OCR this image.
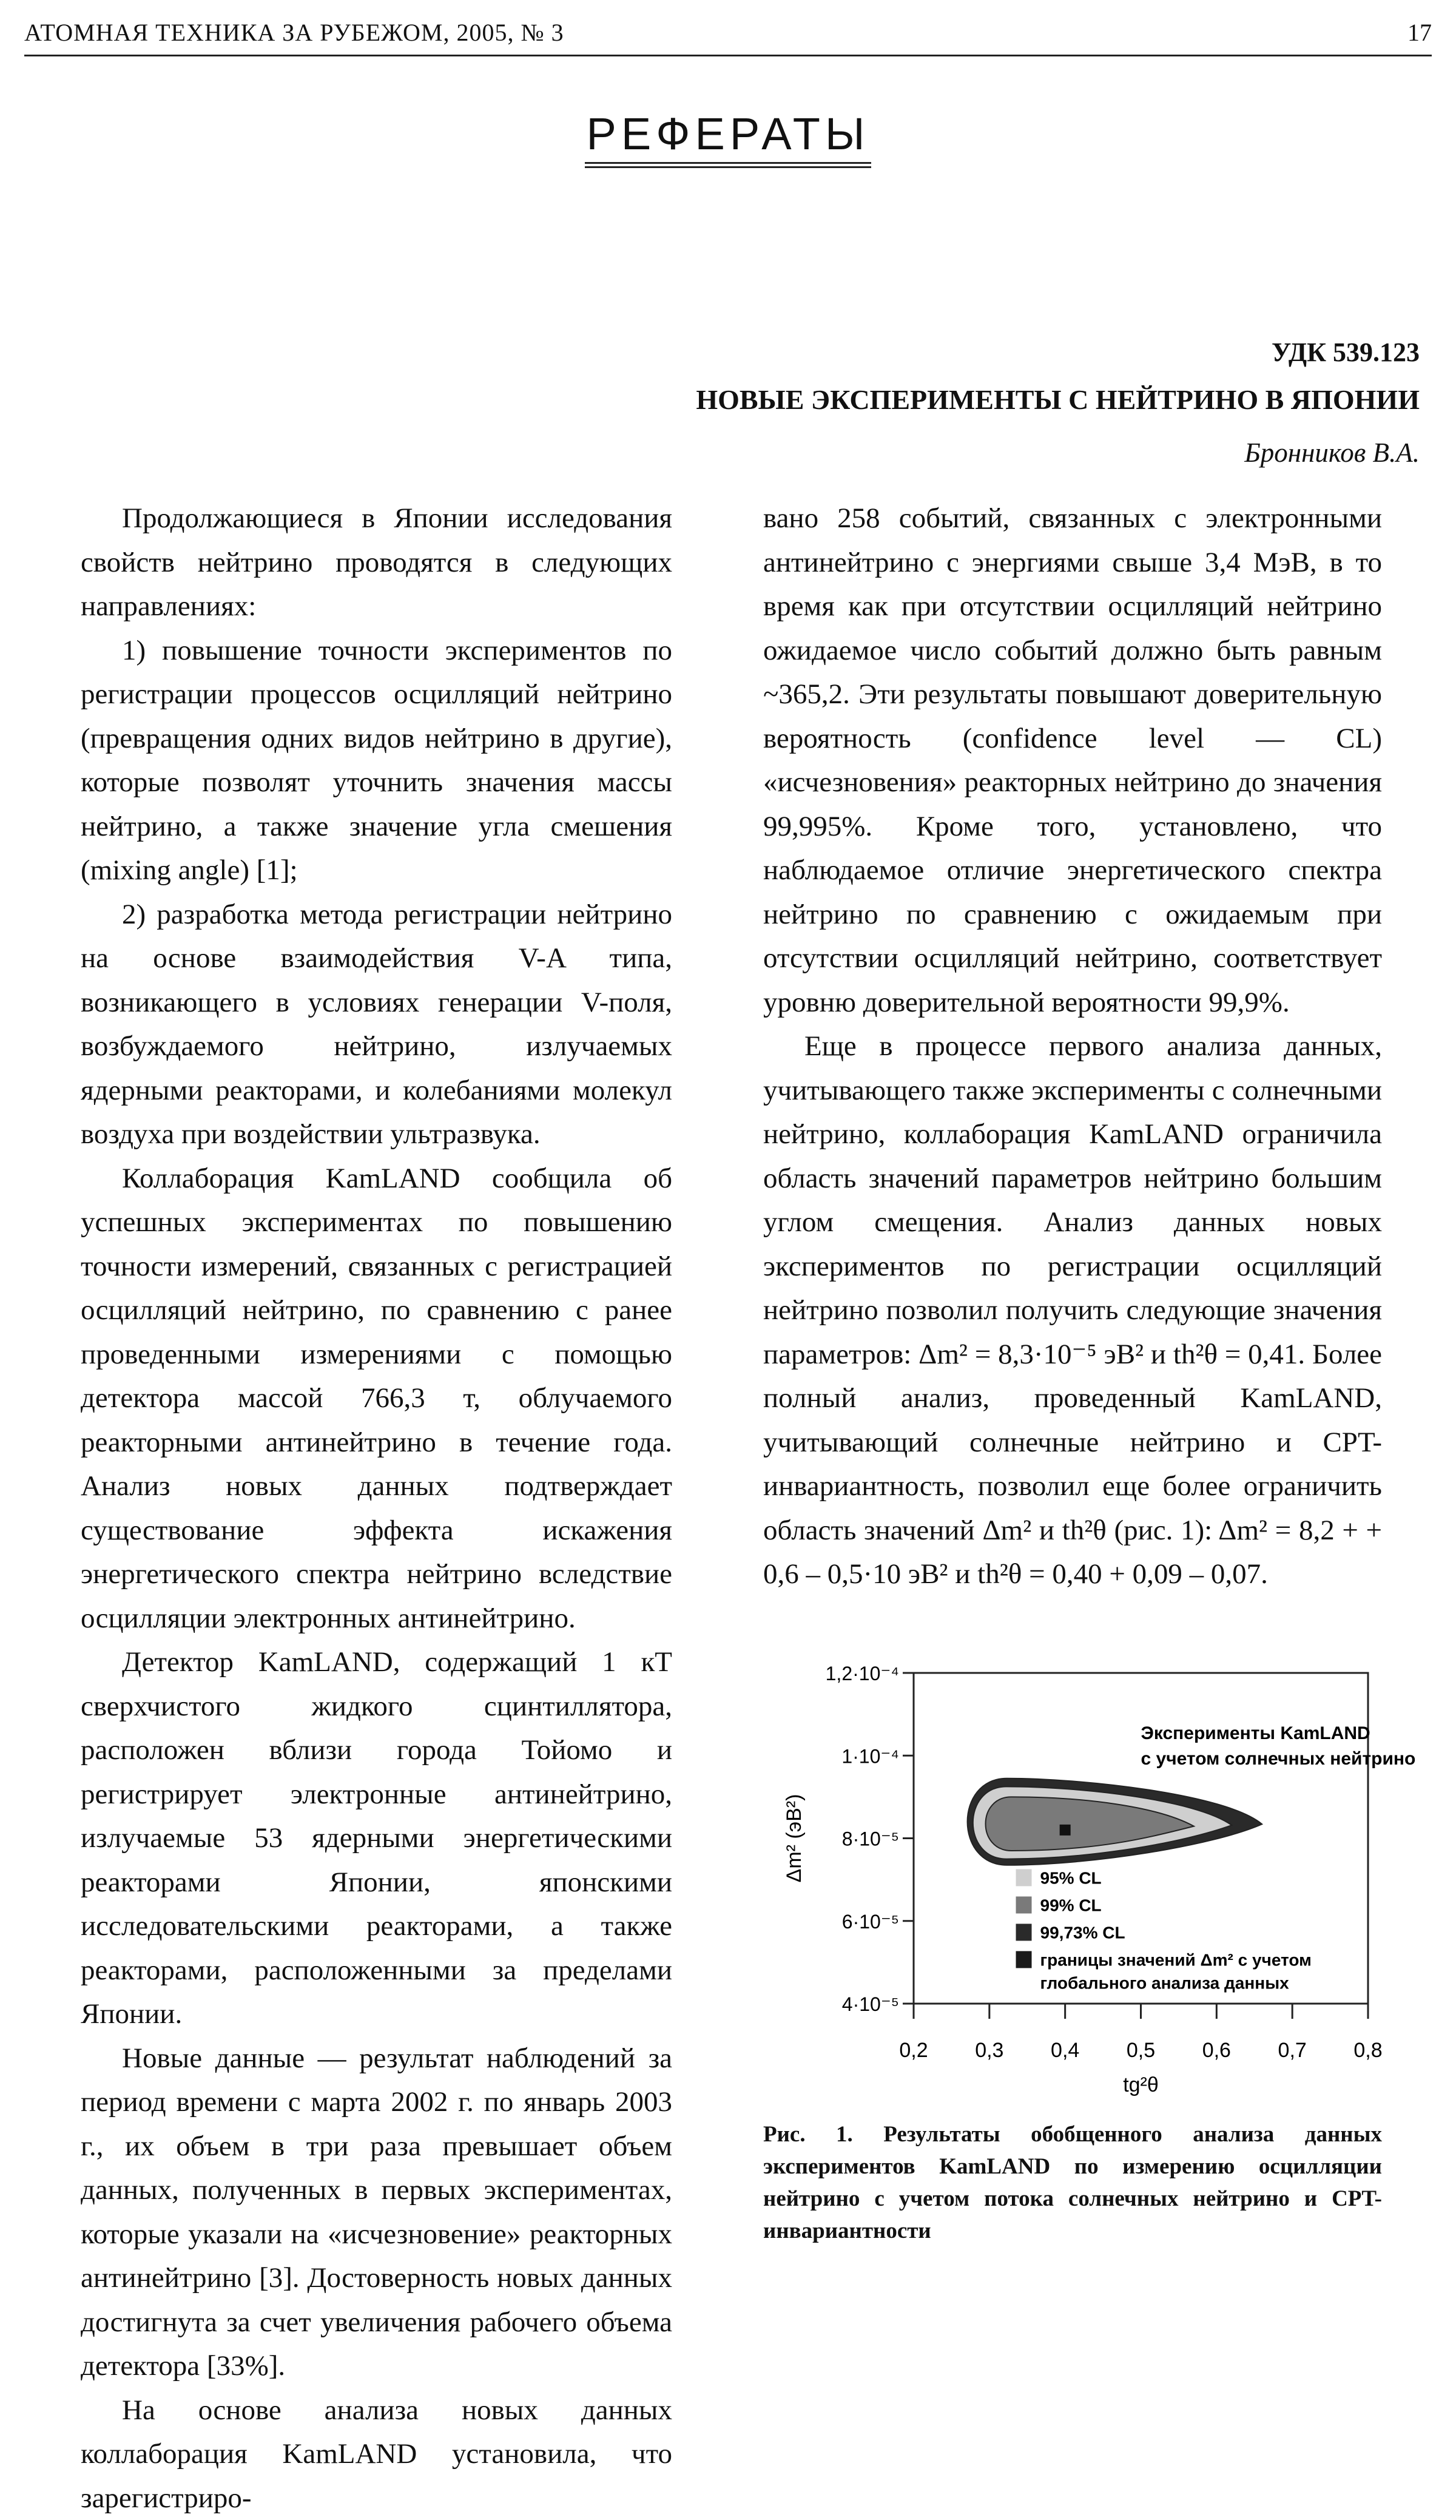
АТОМНАЯ ТЕХНИКА ЗА РУБЕЖОМ, 2005, № 3	17
РЕФЕРАТЫ
УДК 539.123
НОВЫЕ ЭКСПЕРИМЕНТЫ С НЕЙТРИНО В ЯПОНИИ
Бронников В.А.

Продолжающиеся в Японии исследования свойств нейтрино проводятся в следующих направлениях:

1) повышение точности экспериментов по регистрации процессов осцилляций нейтрино (превращения одних видов нейтрино в другие), которые позволят уточнить значения массы нейтрино, а также значение угла смешения (mixing angle) [1];

2) разработка метода регистрации нейтрино на основе взаимодействия V-A типа, возникающего в условиях генерации V-поля, возбуждаемого нейтрино, излучаемых ядерными реакторами, и колебаниями молекул воздуха при воздействии ультразвука.

Коллаборация KamLAND сообщила об успешных экспериментах по повышению точности измерений, связанных с регистрацией осцилляций нейтрино, по сравнению с ранее проведенными измерениями с помощью детектора массой 766,3 т, облучаемого реакторными антинейтрино в течение года. Анализ новых данных подтверждает существование эффекта искажения энергетического спектра нейтрино вследствие осцилляции электронных антинейтрино.

Детектор KamLAND, содержащий 1 кТ сверхчистого жидкого сцинтиллятора, расположен вблизи города Тойомо и регистрирует электронные антинейтрино, излучаемые 53 ядерными энергетическими реакторами Японии, японскими исследовательскими реакторами, а также реакторами, расположенными за пределами Японии.

Новые данные — результат наблюдений за период времени с марта 2002 г. по январь 2003 г., их объем в три раза превышает объем данных, полученных в первых экспериментах, которые указали на «исчезновение» реакторных антинейтрино [3]. Достоверность новых данных достигнута за счет увеличения рабочего объема детектора [33%].

На основе анализа новых данных коллаборация KamLAND установила, что зарегистриро-

вано 258 событий, связанных с электронными антинейтрино с энергиями свыше 3,4 МэВ, в то время как при отсутствии осцилляций нейтрино ожидаемое число событий должно быть равным ~365,2. Эти результаты повышают доверительную вероятность (confidence level — CL) «исчезновения» реакторных нейтрино до значения 99,995%. Кроме того, установлено, что наблюдаемое отличие энергетического спектра нейтрино по сравнению с ожидаемым при отсутствии осцилляций нейтрино, соответствует уровню доверительной вероятности 99,9%.

Еще в процессе первого анализа данных, учитывающего также эксперименты с солнечными нейтрино, коллаборация KamLAND ограничила область значений параметров нейтрино большим углом смещения. Анализ данных новых экспериментов по регистрации осцилляций нейтрино позволил получить следующие значения параметров: Δm² = 8,3·10⁻⁵ эВ² и th²θ = 0,41. Более полный анализ, проведенный KamLAND, учитывающий солнечные нейтрино и CPT-инвариантность, позволил еще более ограничить область значений Δm² и th²θ (рис. 1): Δm² = 8,2 + + 0,6 – 0,5·10 эВ² и th²θ = 0,40 + 0,09 – 0,07.

0,2 0,3 0,4 0,5 0,6 0,7 0,8
4·10⁻⁵
6·10⁻⁵
8·10⁻⁵
1·10⁻⁴
1,2·10⁻⁴
tg²θ
Δm² (эВ²)
Эксперименты KamLAND
с учетом солнечных нейтрино
95% CL
99% CL
99,73% CL
границы значений Δm² с учетом
глобального анализа данных
Рис. 1. Результаты обобщенного анализа данных экспериментов KamLAND по измерению осцилляции нейтрино с учетом потока солнечных нейтрино и CPT-инвариантности
